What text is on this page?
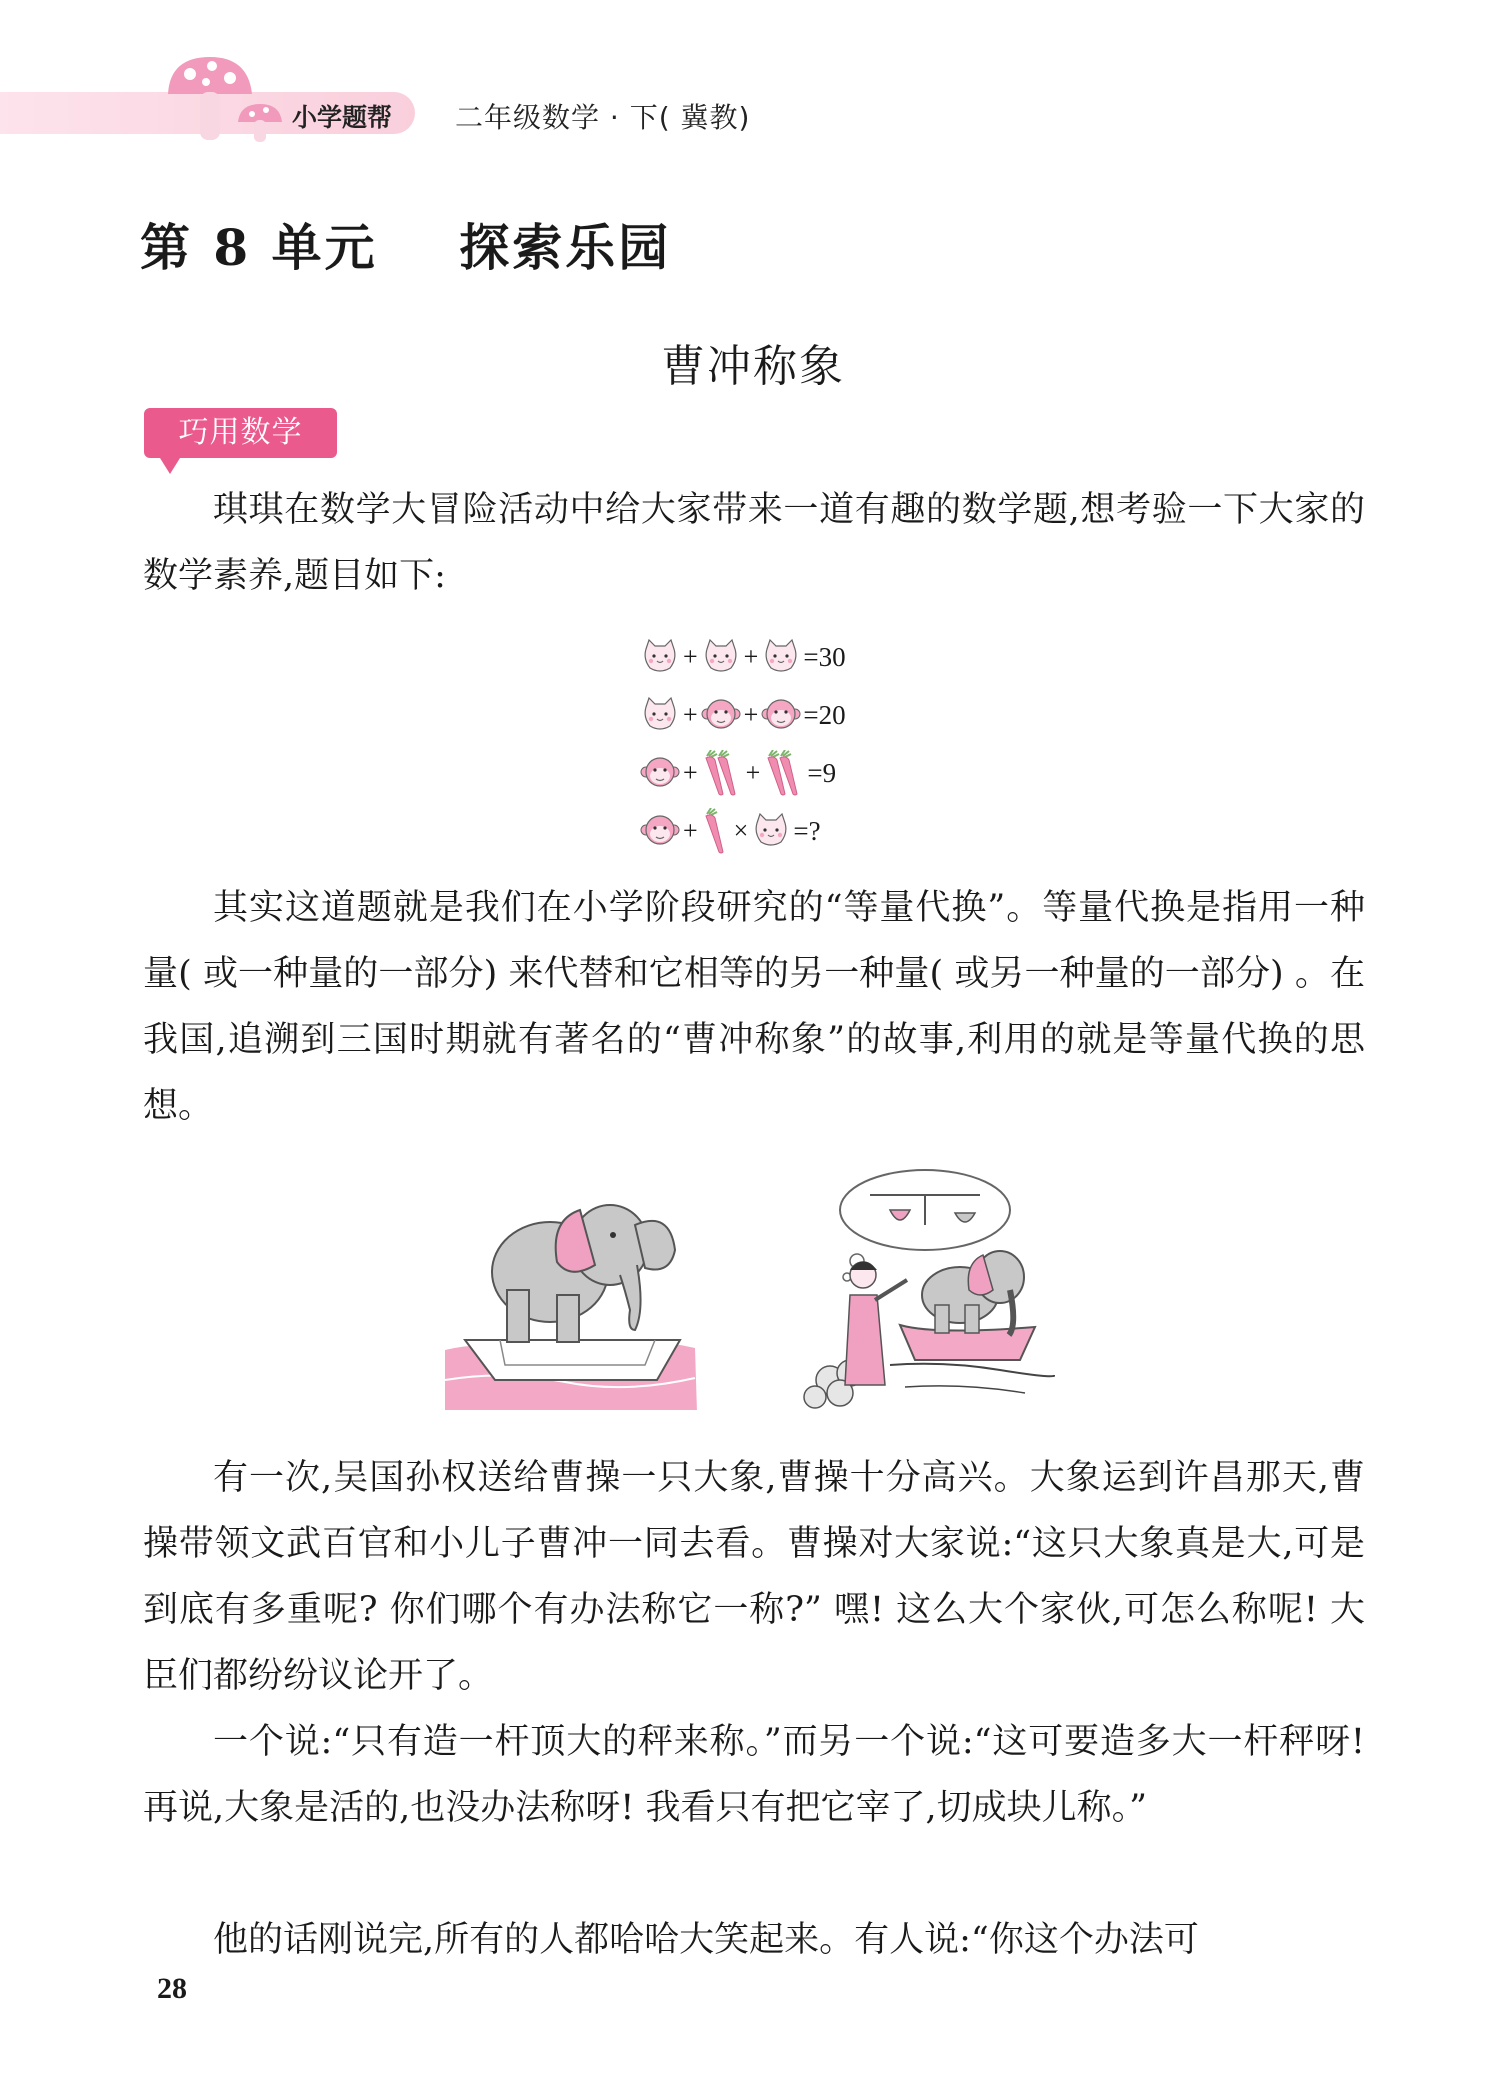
小学题帮 二年级数学 · 下( 冀教)
第 8 单元    探索乐园
曹冲称象
巧用数学

琪琪在数学大冒险活动中给大家带来一道有趣的数学题,想考验一下大家的数学素养,题目如下:

+ + =30
+ + =20
+ + =9
+ × =?

其实这道题就是我们在小学阶段研究的“等量代换”。等量代换是指用一种量( 或一种量的一部分) 来代替和它相等的另一种量( 或另一种量的一部分) 。在我国,追溯到三国时期就有著名的“曹冲称象”的故事,利用的就是等量代换的思想。

有一次,吴国孙权送给曹操一只大象,曹操十分高兴。大象运到许昌那天,曹操带领文武百官和小儿子曹冲一同去看。曹操对大家说:“这只大象真是大,可是到底有多重呢? 你们哪个有办法称它一称?” 嘿! 这么大个家伙,可怎么称呢! 大臣们都纷纷议论开了。

一个说:“只有造一杆顶大的秤来称。”而另一个说:“这可要造多大一杆秤呀! 再说,大象是活的,也没办法称呀! 我看只有把它宰了,切成块儿称。”

他的话刚说完,所有的人都哈哈大笑起来。有人说:“你这个办法可

28
